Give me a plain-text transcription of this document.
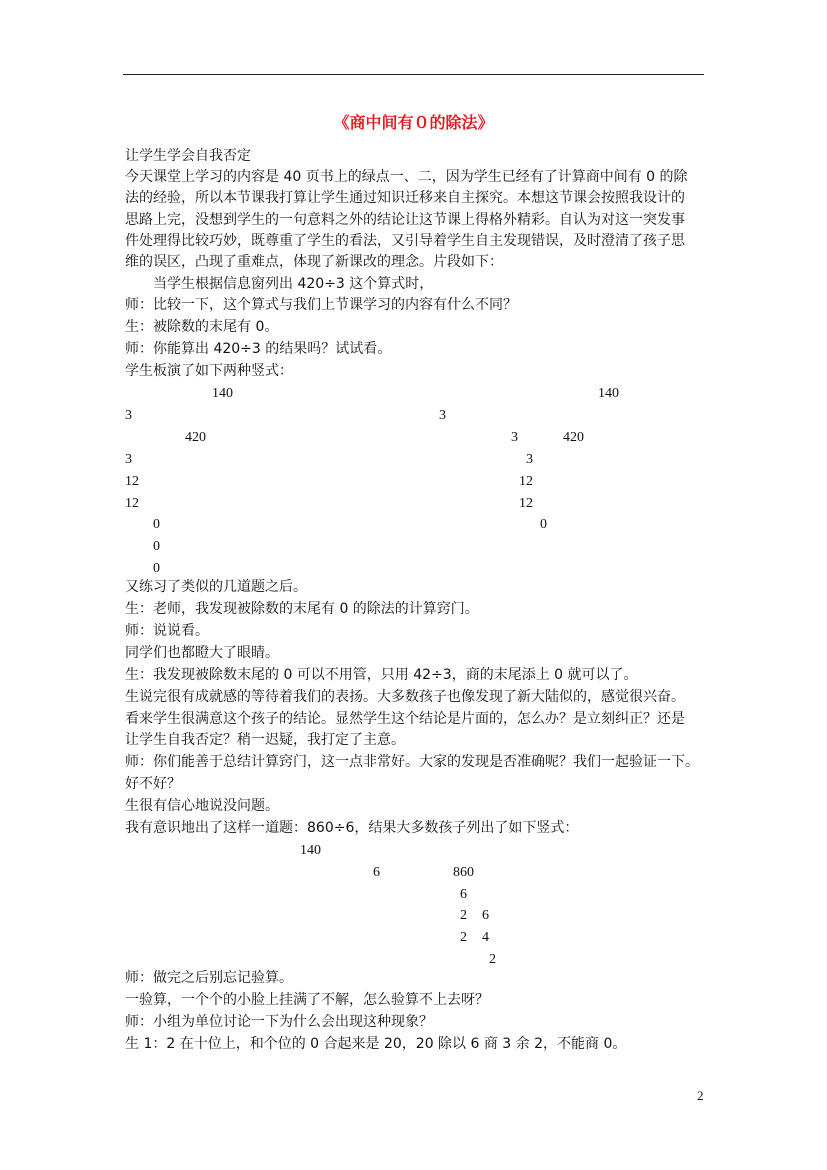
《商中间有０的除法》
让学生学会自我否定
今天课堂上学习的内容是 40 页书上的绿点一、二，因为学生已经有了计算商中间有 0 的除
法的经验，所以本节课我打算让学生通过知识迁移来自主探究。本想这节课会按照我设计的
思路上完，没想到学生的一句意料之外的结论让这节课上得格外精彩。自认为对这一突发事
件处理得比较巧妙，既尊重了学生的看法，又引导着学生自主发现错误，及时澄清了孩子思
维的误区，凸现了重难点，体现了新课改的理念。片段如下：
当学生根据信息窗列出 420÷3 这个算式时，
师：比较一下，这个算式与我们上节课学习的内容有什么不同？
生：被除数的末尾有 0。
师：你能算出 420÷3 的结果吗？试试看。
学生板演了如下两种竖式：
140
3
420
3
12
12
0
0
0
140
3
3	420
3
12
12
0
又练习了类似的几道题之后。
生：老师，我发现被除数的末尾有 0 的除法的计算窍门。
师：说说看。
同学们也都瞪大了眼睛。
生：我发现被除数末尾的 0 可以不用管，只用 42÷3，商的末尾添上 0 就可以了。
生说完很有成就感的等待着我们的表扬。大多数孩子也像发现了新大陆似的，感觉很兴奋。
看来学生很满意这个孩子的结论。显然学生这个结论是片面的，怎么办？是立刻纠正？还是
让学生自我否定？稍一迟疑，我打定了主意。
师：你们能善于总结计算窍门，这一点非常好。大家的发现是否准确呢？我们一起验证一下。
好不好？
生很有信心地说没问题。
我有意识地出了这样一道题：860÷6，结果大多数孩子列出了如下竖式：
140
6	860
6
2 6
2 4
2
师：做完之后别忘记验算。
一验算，一个个的小脸上挂满了不解，怎么验算不上去呀？
师：小组为单位讨论一下为什么会出现这种现象？
生 1：2 在十位上，和个位的 0 合起来是 20，20 除以 6 商 3 余 2，不能商 0。
2
